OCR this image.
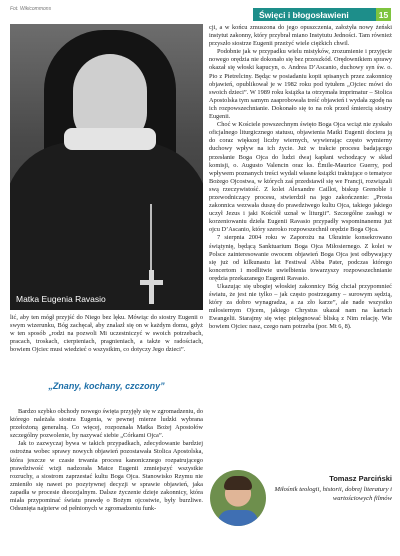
Fot. Wikicommons
Święci i błogosławieni	15
Matka Eugenia Ravasio

lić, aby ten mógł przyjść do Niego bez lęku. Mówiąc do siostry Eugenii o swym wizerunku, Bóg zachęcał, aby znalazł się on w każdym domu, gdyż w ten sposób „rodzi na pozwoli Mi uczestniczyć w swoich potrzebach, pracach, troskach, cierpieniach, pragnieniach, a także w radościach, bowiem Ojciec musi wiedzieć o wszystkim, co dotyczy Jego dzieci”.

„Znany, kochany, czczony”

Bardzo szybko obchody nowego święta przyjęły się w zgromadzeniu, do którego należała siostra Eugenia, w pewnej mierze ludzki wybrana przełożoną generalną. Co więcej, rozpoznała Matka Bożej Apostołów szczególny pozwolenie, by nazywać siebie „Córkami Ojca”.

Jak to zazwyczaj bywa w takich przypadkach, zdecydowanie bardziej ostrożna wobec sprawy nowych objawień pozostawała Stolica Apostolska, która jeszcze w czasie trwania procesu kanonicznego rozpatrującego prawdziwość wizji nadzorała Matce Eugenii zmniejszyć wszystkie rozruchy, a siostrom zaprzestać kultu Boga Ojca. Stanowisko Rzymu nie zmieniło się nawet po pozytywnej decyzji w sprawie objawień, jaka zapadła w procesie diecezjalnym. Dalsze życzenie dzieje zakonnicy, która miała przypominać światu prawdę o Bożym ojcostwie, były burzliwe. Odsunięta najpierw od pełnionych w zgromadzeniu funk-

cji, a w końcu zmuszona do jego opuszczenia, założyła nowy żeński instytut zakonny, który przybrał miano Instytutu Jedności. Tam również przyszło siostrze Eugenii przeżyć wiele ciężkich chwil.

Podobnie jak w przypadku wielu mistyków, zrozumienie i przyjęcie nowego orędzia nie dokonało się bez przeszkód. Orędownikiem sprawy okazał się włoski kapucyn, o. Andrea D’Ascanio, duchowy syn św. o. Pio z Pietrelciny. Będąc w posiadaniu kopii spisanych przez zakonnicę objawień, opublikował je w 1982 roku pod tytułem „Ojciec mówi do swoich dzieci”. W 1989 roku książka ta otrzymała imprimatur – Stolica Apostolska tym samym zaaprobowała treść objawień i wydała zgodę na ich rozpowszechnianie. Dokonało się to na rok przed śmiercią siostry Eugenii.

Choć w Kościele powszechnym święto Boga Ojca wciąż nie zyskało oficjalnego liturgicznego statusu, objawienia Matki Eugenii dociera ją do coraz większej liczby wiernych, wywierając często wymierny duchowy wpływ na ich życie. Już w trakcie procesu badającego przesłanie Boga Ojca do ludzi dwaj kapłani wchodzący w skład komisji, o. Augusto Valencin oraz ks. Émile-Maurice Guerry, pod wpływem poznanych treści wydali własne książki traktujące o tematyce Bożego Ojcostwa, w których zaś przedstawił się we Francji, rozwiązali swą rzeczywistość. Z kolei Alexandre Caillot, biskup Grenoble i przewodniczący procesu, stwierdził na jego zakończenie: „Prosta zakonnica wezwała duszę do prawdziwego kultu Ojca, takiego jakiego uczył Jezus i jaki Kościół uznał w liturgii”. Szczególne zasługi w korzeniowaniu dzieła Eugenii Ravasio przypadły wspominanemu już ojcu D’Ascanio, który szeroko rozpowszechnił orędzie Boga Ojca.

7 sierpnia 2004 roku w Zaporożu na Ukrainie konsekrowano świątynię, będącą Sanktuarium Boga Ojca Miłosiernego. Z kolei w Polsce zainteresowanie owocem objawień Boga Ojca jest odbywający się już od kilkunastu lat Festiwal Abba Pater, podczas którego koncertom i modlitwie uwielbienia towarzyszy rozpowszechnianie orędzia przekazanego Eugenii Ravasio.

Ukazując się ubogiej włoskiej zakonnicy Bóg chciał przypomnieć światu, że jest nie tylko – jak często postrzegamy – surowym sędzią, który za dobro wynagradza, a za zło karze”, ale nade wszystko miłosiernym Ojcem, jakiego Chrystus ukazał nam na kartach Ewangelii. Starajmy się więc pielęgnować bliską z Nim relację. Wie bowiem Ojciec nasz, czego nam potrzeba (por. Mt 6, 8).

Tomasz Parciński
Miłośnik teologii, historii, dobrej literatury i wartościowych filmów
